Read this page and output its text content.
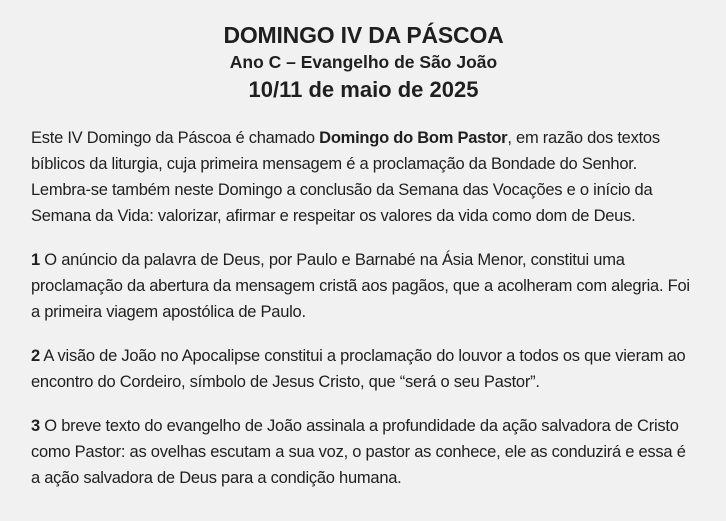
DOMINGO IV DA PÁSCOA
Ano C – Evangelho de São João
10/11 de maio de 2025

Este IV Domingo da Páscoa é chamado Domingo do Bom Pastor, em razão dos textos bíblicos da liturgia, cuja primeira mensagem é a proclamação da Bondade do Senhor. Lembra-se também neste Domingo a conclusão da Semana das Vocações e o início da Semana da Vida: valorizar, afirmar e respeitar os valores da vida como dom de Deus.

1 O anúncio da palavra de Deus, por Paulo e Barnabé na Ásia Menor, constitui uma proclamação da abertura da mensagem cristã aos pagãos, que a acolheram com alegria. Foi a primeira viagem apostólica de Paulo.

2 A visão de João no Apocalipse constitui a proclamação do louvor a todos os que vieram ao encontro do Cordeiro, símbolo de Jesus Cristo, que “será o seu Pastor”.

3 O breve texto do evangelho de João assinala a profundidade da ação salvadora de Cristo como Pastor: as ovelhas escutam a sua voz, o pastor as conhece, ele as conduzirá e essa é a ação salvadora de Deus para a condição humana.
